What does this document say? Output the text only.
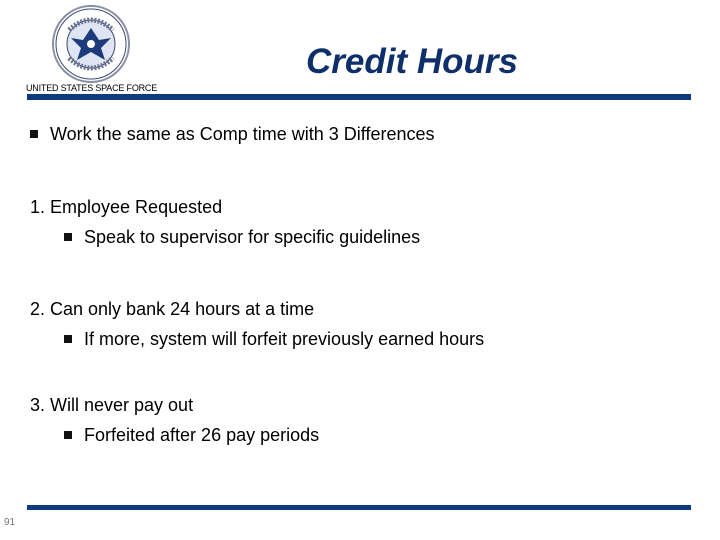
UNITED STATES SPACE FORCE
Credit Hours
Work the same as Comp time with 3 Differences
1. Employee Requested
Speak to supervisor for specific guidelines
2. Can only bank 24 hours at a time
If more, system will forfeit previously earned hours
3. Will never pay out
Forfeited after 26 pay periods
91
